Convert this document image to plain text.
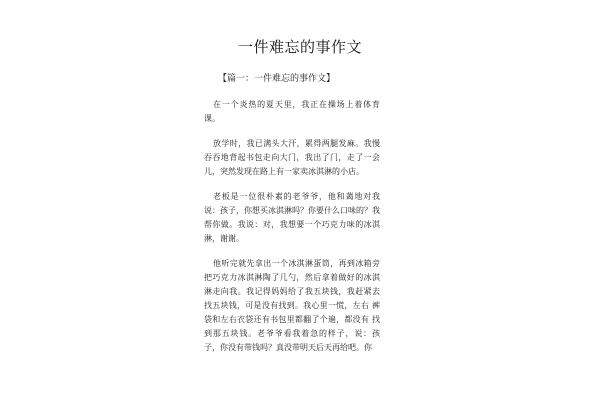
一件难忘的事作文
【篇一：一件难忘的事作文】

在一个炎热的夏天里，我正在操场上着体育课。

放学时，我已满头大汗，累得两腿发麻。我慢 吞吞地背起书包走向大门，我出了门，走了一会 儿，突然发现在路上有一家卖冰淇淋的小店。

老板是一位很朴素的老爷爷，他和蔼地对我说：孩子，你想买冰淇淋吗？你要什么口味的？我帮你做。我说：对，我想要一个巧克力味的冰淇淋，谢谢。

他听完就先拿出一个冰淇淋蛋筒，再到冰箱旁 把巧克力冰淇淋陶了几勺，然后拿着做好的冰淇 淋走向我。我记得妈妈给了我五块钱，我赶紧去 找五块钱，可是没有找到。我心里一慌，左右 裤袋和左右衣袋还有书包里都翻了个遍，都没有 找到那五块钱。老爷爷看我着急的样子，说：孩 子，你没有带钱吗？真没带明天后天再给吧。你
